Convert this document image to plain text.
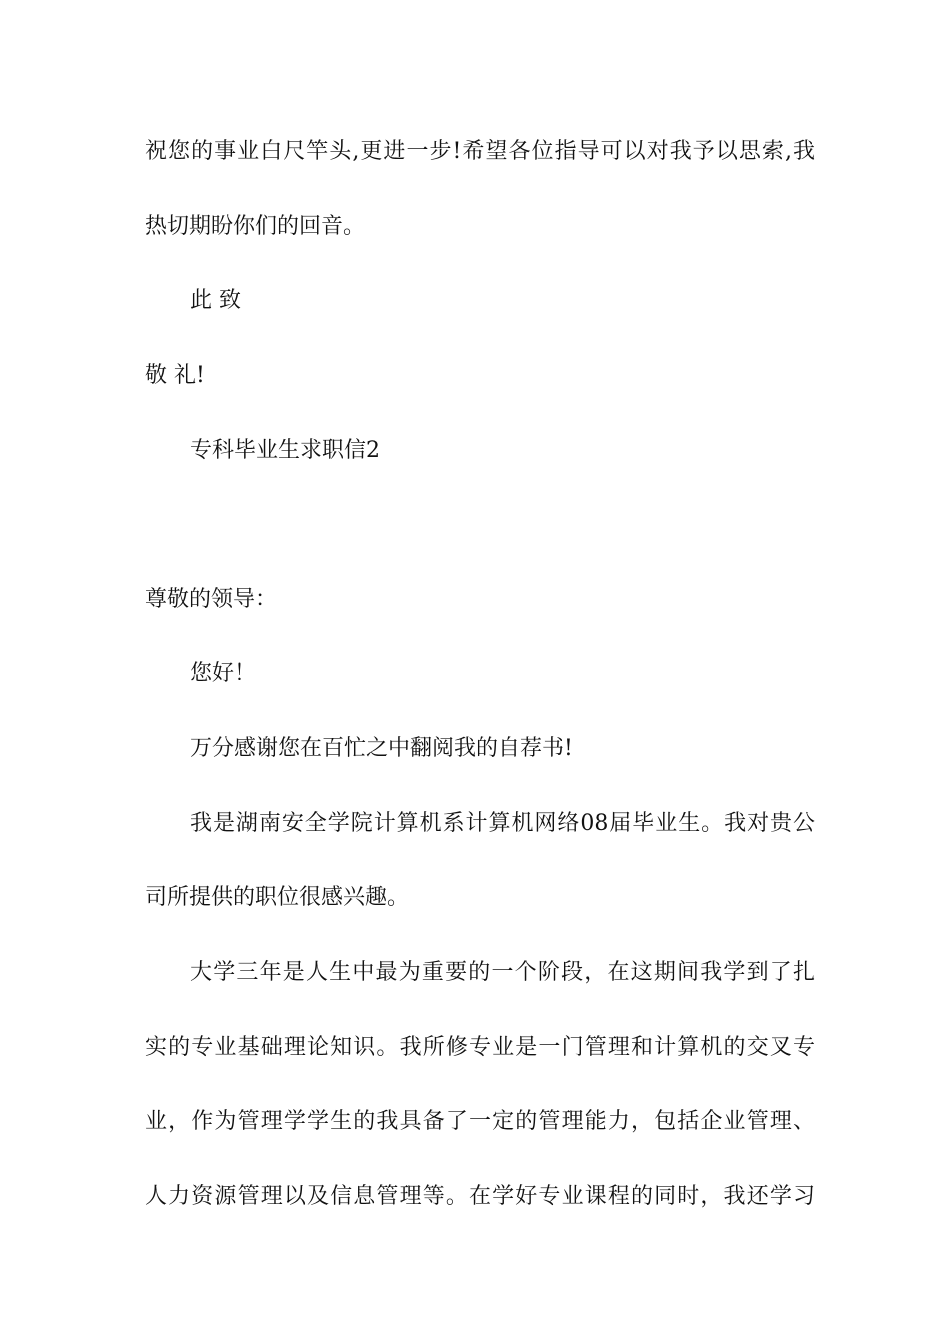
祝您的事业白尺竿头,更进一步!希望各位指导可以对我予以思索,我

热切期盼你们的回音。

此 致

敬 礼!

专科毕业生求职信2

尊敬的领导：

您好！

万分感谢您在百忙之中翻阅我的自荐书!

我是湖南安全学院计算机系计算机网络08届毕业生。我对贵公

司所提供的职位很感兴趣。

大学三年是人生中最为重要的一个阶段，在这期间我学到了扎

实的专业基础理论知识。我所修专业是一门管理和计算机的交叉专

业，作为管理学学生的我具备了一定的管理能力，包括企业管理、

人力资源管理以及信息管理等。在学好专业课程的同时，我还学习
